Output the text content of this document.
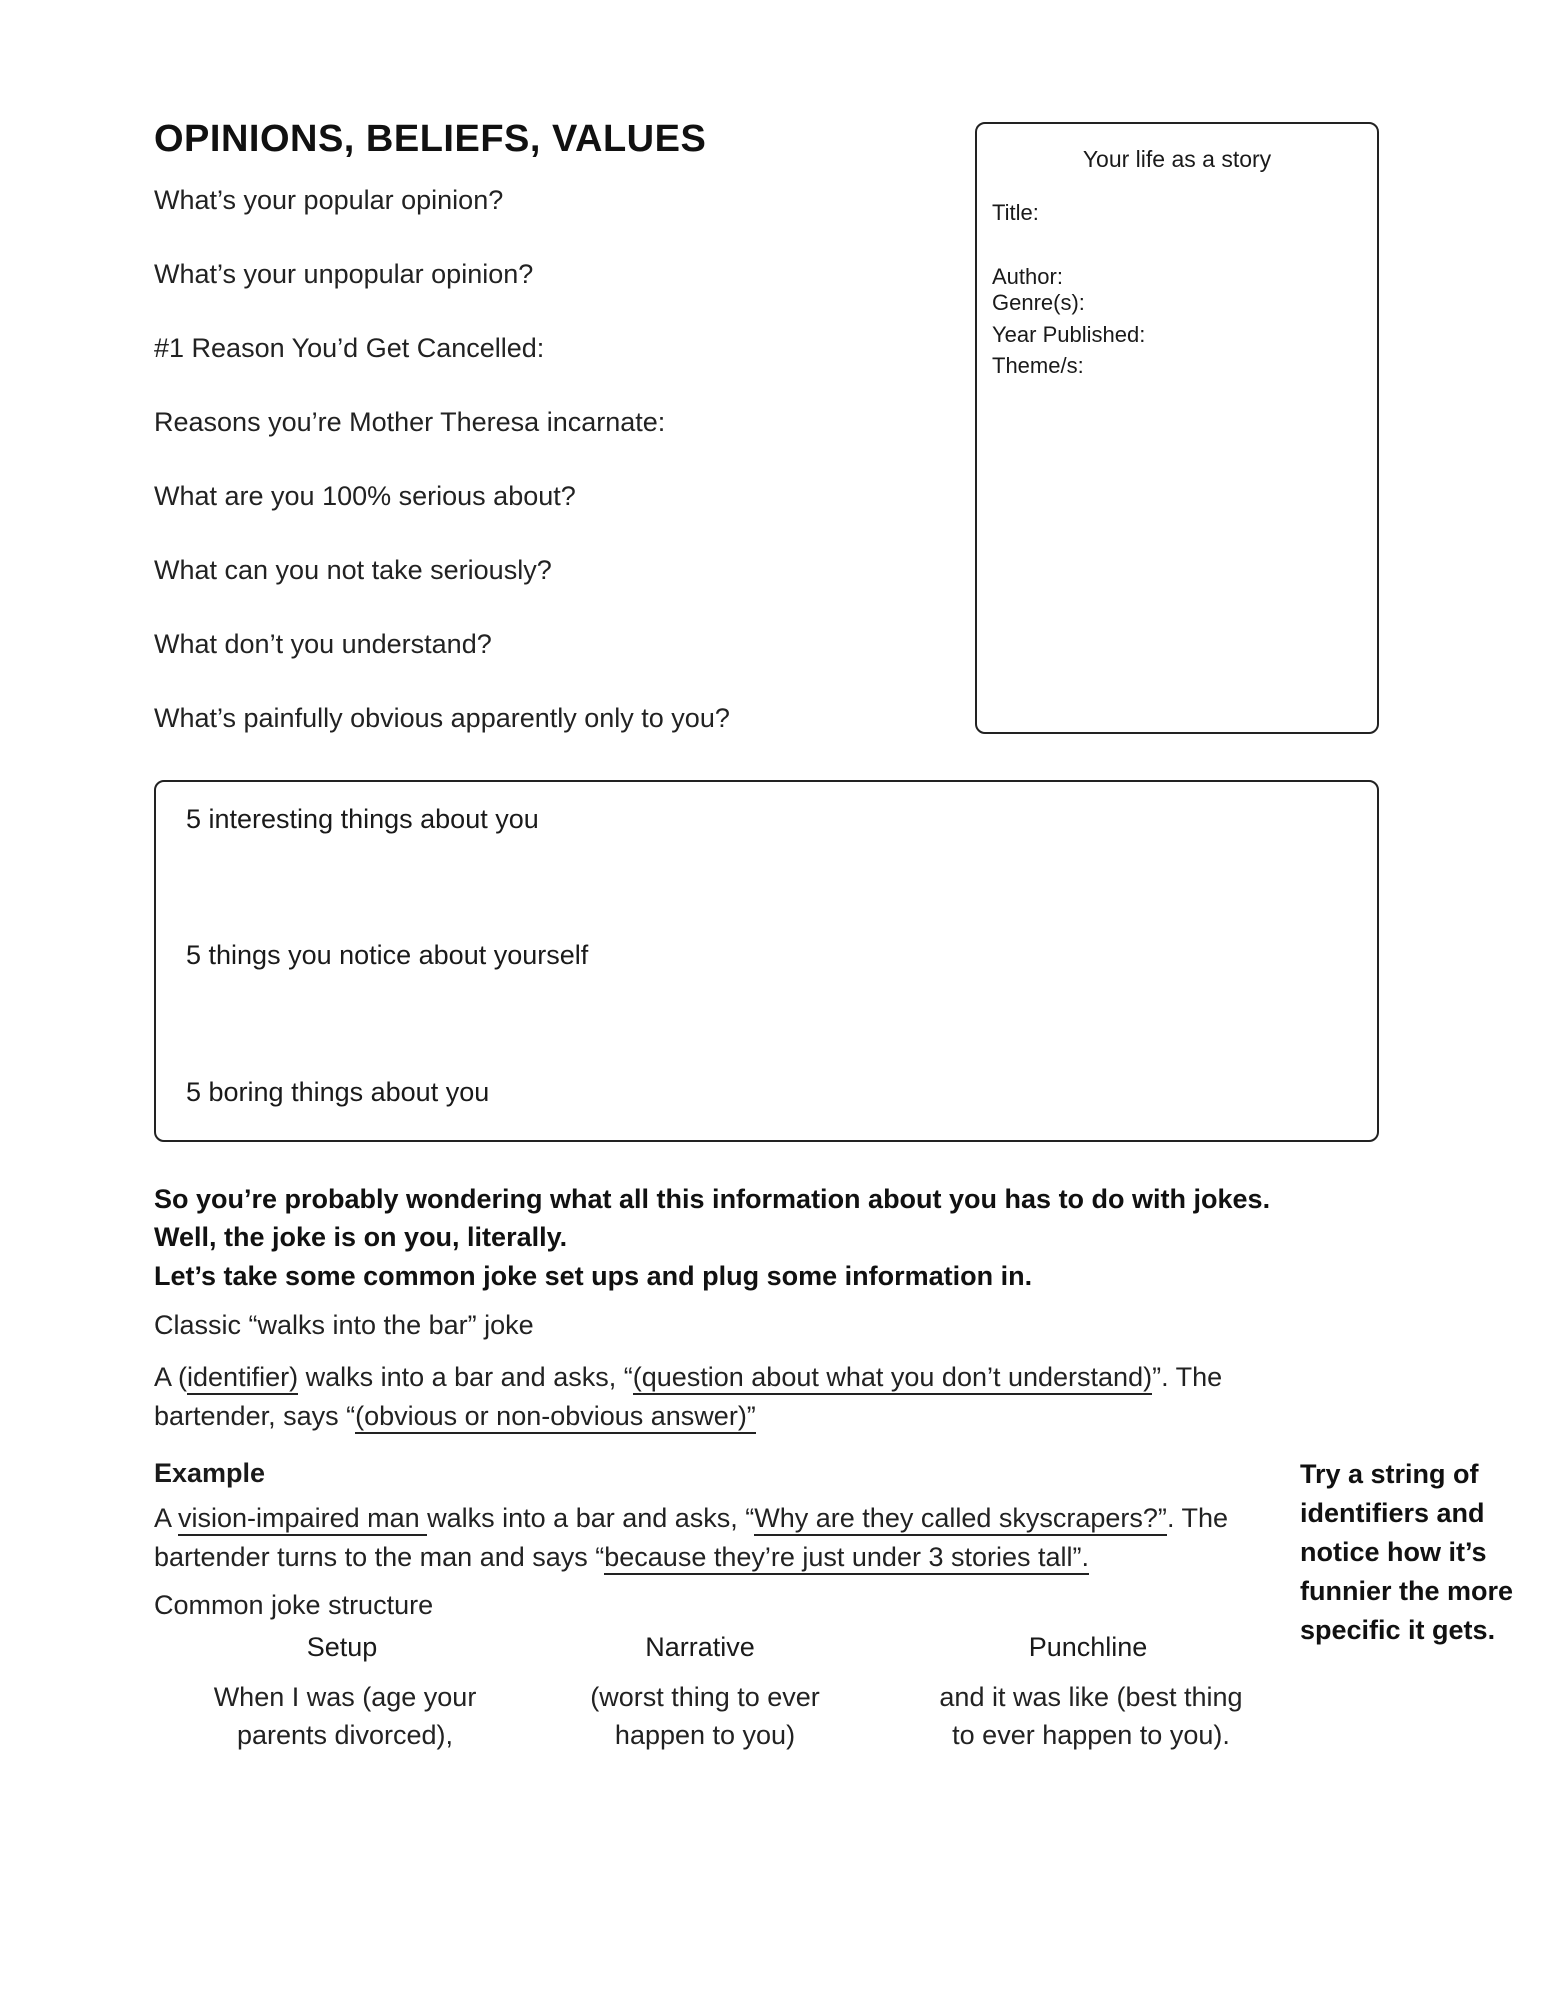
OPINIONS, BELIEFS, VALUES
What’s your popular opinion?
What’s your unpopular opinion?
#1 Reason You’d Get Cancelled:
Reasons you’re Mother Theresa incarnate:
What are you 100% serious about?
What can you not take seriously?
What don’t you understand?
What’s painfully obvious apparently only to you?
Your life as a story
Title:
Author:
Genre(s):
Year Published:
Theme/s:
5 interesting things about you
5 things you notice about yourself
5 boring things about you
So you’re probably wondering what all this information about you has to do with jokes.
Well, the joke is on you, literally.
Let’s take some common joke set ups and plug some information in.
Classic “walks into the bar” joke
A (identifier) walks into a bar and asks, “(question about what you don’t understand)”. The
bartender, says “(obvious or non-obvious answer)”
Example
A vision-impaired man walks into a bar and asks, “Why are they called skyscrapers?”. The
bartender turns to the man and says “because they’re just under 3 stories tall”.
Try a string of identifiers and notice how it’s funnier the more specific it gets.
Common joke structure
Setup	Narrative	Punchline
When I was (age your
parents divorced),
(worst thing to ever
happen to you)
and it was like (best thing
to ever happen to you).
